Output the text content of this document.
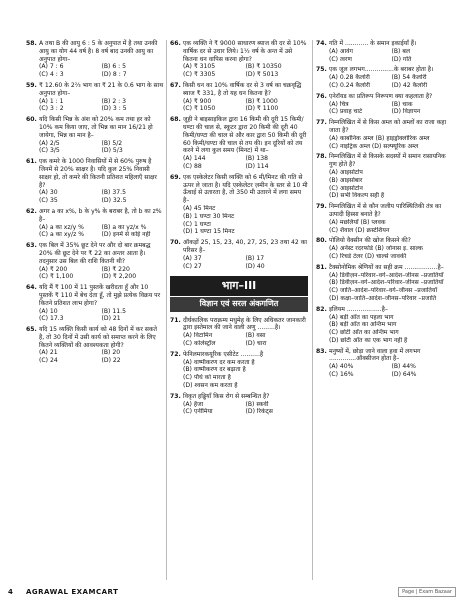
58. A तथा B की आयु 6 : 5 के अनुपात में है तथा उनकी आयु का योग 44 वर्ष है। 8 वर्ष बाद उनकी आयु का अनुपात होगा–
(A) 7 : 6	(B) 6 : 5
(C) 4 : 3	(D) 8 : 7
59. ₹ 12.60 के 2⅔ भाग का ₹ 21 के 0.6 भाग के साथ अनुपात होगा–
(A) 1 : 1	(B) 2 : 3
(C) 3 : 2	(D) 3 : 5
60. यदि किसी भिन्न के अंश को 20% कम तथा हर को 10% कम किया जाए, तो भिन्न का मान 16/21 हो जायेगा, भिन्न का मान है–
(A) 2/5	(B) 5/2
(C) 3/5	(D) 5/3
61. एक कमरे के 1000 निवासियों में से 60% पुरुष है जिनमें से 20% साक्षर है। यदि कुल 25% निवासी साक्षर हो, तो कमरे की कितनी प्रतिशत महिलाएँ साक्षर है?
(A) 30	(B) 37.5
(C) 35	(D) 32.5
62. अगर a का x%, b के y% के बराबर है, तो b का z% है–
(A) a का xz/y %	(B) a का yz/x %
(C) a का xy/z %	(D) इनमें से कोई नहीं
63. एक बिल में 35% छूट देने पर और दो बार क्रमबद्ध 20% की छूट देने पर ₹ 22 का अन्तर आता है। तदनुसार उस बिल की राशि कितनी थी?
(A) ₹ 200	(B) ₹ 220
(C) ₹ 1,100	(D) ₹ 2,200
64. यदि मैं ₹ 100 में 11 पुस्तकें खरीदता हूँ और 10 पुस्तकें ₹ 110 में बेच देता हूँ, तो मुझे प्रत्येक विक्रय पर कितने प्रतिशत लाभ होगा?
(A) 10	(B) 11.5
(C) 17.3	(D) 21
65. यदि 15 व्यक्ति किसी कार्य को 48 दिनों में कर सकते है, तो 30 दिनों में उसी कार्य को समाप्त करने के लिए कितने व्यक्तियों की आवश्यकता होगी?
(A) 21	(B) 20
(C) 24	(D) 22
66. एक व्यक्ति ने ₹ 9000 साधारण ब्याज की दर से 10% वार्षिक दर से उधार लिये। 1½ वर्ष के अन्त में उसे कितना धन वापिस करना होगा?
(A) ₹ 3105	(B) ₹ 10350
(C) ₹ 3305	(D) ₹ 5013
67. किसी धन का 10% वार्षिक दर से 3 वर्ष का चक्रवृद्धि ब्याज ₹ 331, है तो यह धन कितना है?
(A) ₹ 900	(B) ₹ 1000
(C) ₹ 1050	(D) ₹ 1100
68. जूही ने बाइसाइकिल द्वारा 16 किमी की दूरी 15 किमी/घण्टा की चाल से, स्कूटर द्वारा 20 किमी की दूरी 40 किमी/घण्टा की चाल से और कार द्वारा 50 किमी की दूरी 60 किमी/घण्टा की चाल से तय की। इन दूरियों को तय करने में लगा कुल समय (मिनट) में था–
(A) 144	(B) 138
(C) 88	(D) 114
69. एक एस्केलेटर किसी व्यक्ति को 6 मी/मिनट की गति से ऊपर ले जाता है। यदि एस्केलेटर ज़मीन के स्तर से 10 मी ऊँचाई से उतारता है, तो 350 मी उतारने में लगा समय है–
(A) 45 मिनट
(B) 1 घण्टा 30 मिनट
(C) 1 घण्टा
(D) 1 घण्टा 15 मिनट
70. ऑकड़ों 25, 15, 23, 40, 27, 25, 23 तथा 42 का परिसर है–
(A) 37	(B) 17
(C) 27	(D) 40
भाग–III
विज्ञान एवं सरल अंकगणित
71. दीर्घकालिक पराक्रम्य मधुमेह के लिए अधिकतर जानकारी द्वारा इस्तेमाल की जाने वाली अणु .........है।
(A) विटामिन	(B) वसा
(C) कोलेस्ट्रॉल	(D) चारा
72. फेनिलमारकयूरिक एसीटेट ..........है
(A) वाष्पीकरण दर कम करता है
(B) वाष्पीकरण दर बढ़ाता है
(C) पौधे को मारता है
(D) श्वसन कम करता है
73. विकृत हड्डियाँ किस रोग से सम्बन्धित है?
(A) हैजा	(B) स्कर्वी
(C) एनीमिया	(D) रिकेट्स
74. गति में ............ के समान इकाईयाँ हैं।
(A) आवेग	(B) बल
(C) त्वरण	(D) गति
75. एक जूल लगभग...............के बराबर होता है।
(A) 0.28 कैलोरी	(B) 54 कैलोरी
(C) 0.24 कैलोरी	(D) 42 कैलोरी
76. एनेरॉयड का प्रतिरूप निरूपण क्या कहलाता है?
(A) चित्र	(B) चाक
(C) प्रवाह चार्ट	(D) विज्ञापन
77. निम्नलिखित में से किस अम्ल को अम्लों का राजा कहा जाता है?
(A) कार्बोनिक अम्ल (B) हाइड्रोक्लोरिक अम्ल
(C) नाइट्रिक अम्ल (D) सल्फ्यूरिक अम्ल
78. निम्नलिखित में से किसके सदस्यों में समान रासायनिक गुण होते है?
(A) आइसोटोप
(B) आइसोबार
(C) आइसोटोन
(D) सभी विकल्प सही है
79. निम्नलिखित में से कौन जलीय पारिस्थितिकी तंत्र का उत्पादी हिस्सा बनाते है?
(A) मछलियाँ (B) प्लवक
(C) शैवाल (D) क्रस्टेशियन
80. पोलियो वैक्सीन की खोज किसने की?
(A) अर्नेस्ट रदरफोर्ड (B) जोनास इ. साल्क
(C) रिचर्ड टेलर (D) चार्ल्स जावकी
81. टैक्सोनोमिक श्रेणियों का सही क्रम .................है–
(A) डिवीज़न–परिवार–वर्ग–आदेश–जीनस –प्रजातियाँ
(B) डिवीज़न–वर्ग–आदेश–परिवार–जीनस –प्रजातियाँ
(C) जाति–आदेश–परिवार–वर्ग–जीनस –प्रजातियाँ
(D) कक्षा–जाति–आदेश–जीनस–परिवार –प्रजाति
82. इलियम ..................है–
(A) बड़ी आँत का पहला भाग
(B) बड़ी आँत का अन्तिम भाग
(C) छोटी आँत का अन्तिम भाग
(D) छोटी आँत का एक भाग नहीं है
83. मनुष्यों में, छोड़ा जाने वाला हवा में लगभग ..............ऑक्सीजन होता है–
(A) 40%	(B) 44%
(C) 16%	(D) 64%
4 AGRAWAL EXAMCART	Page | Exam Bazaar
